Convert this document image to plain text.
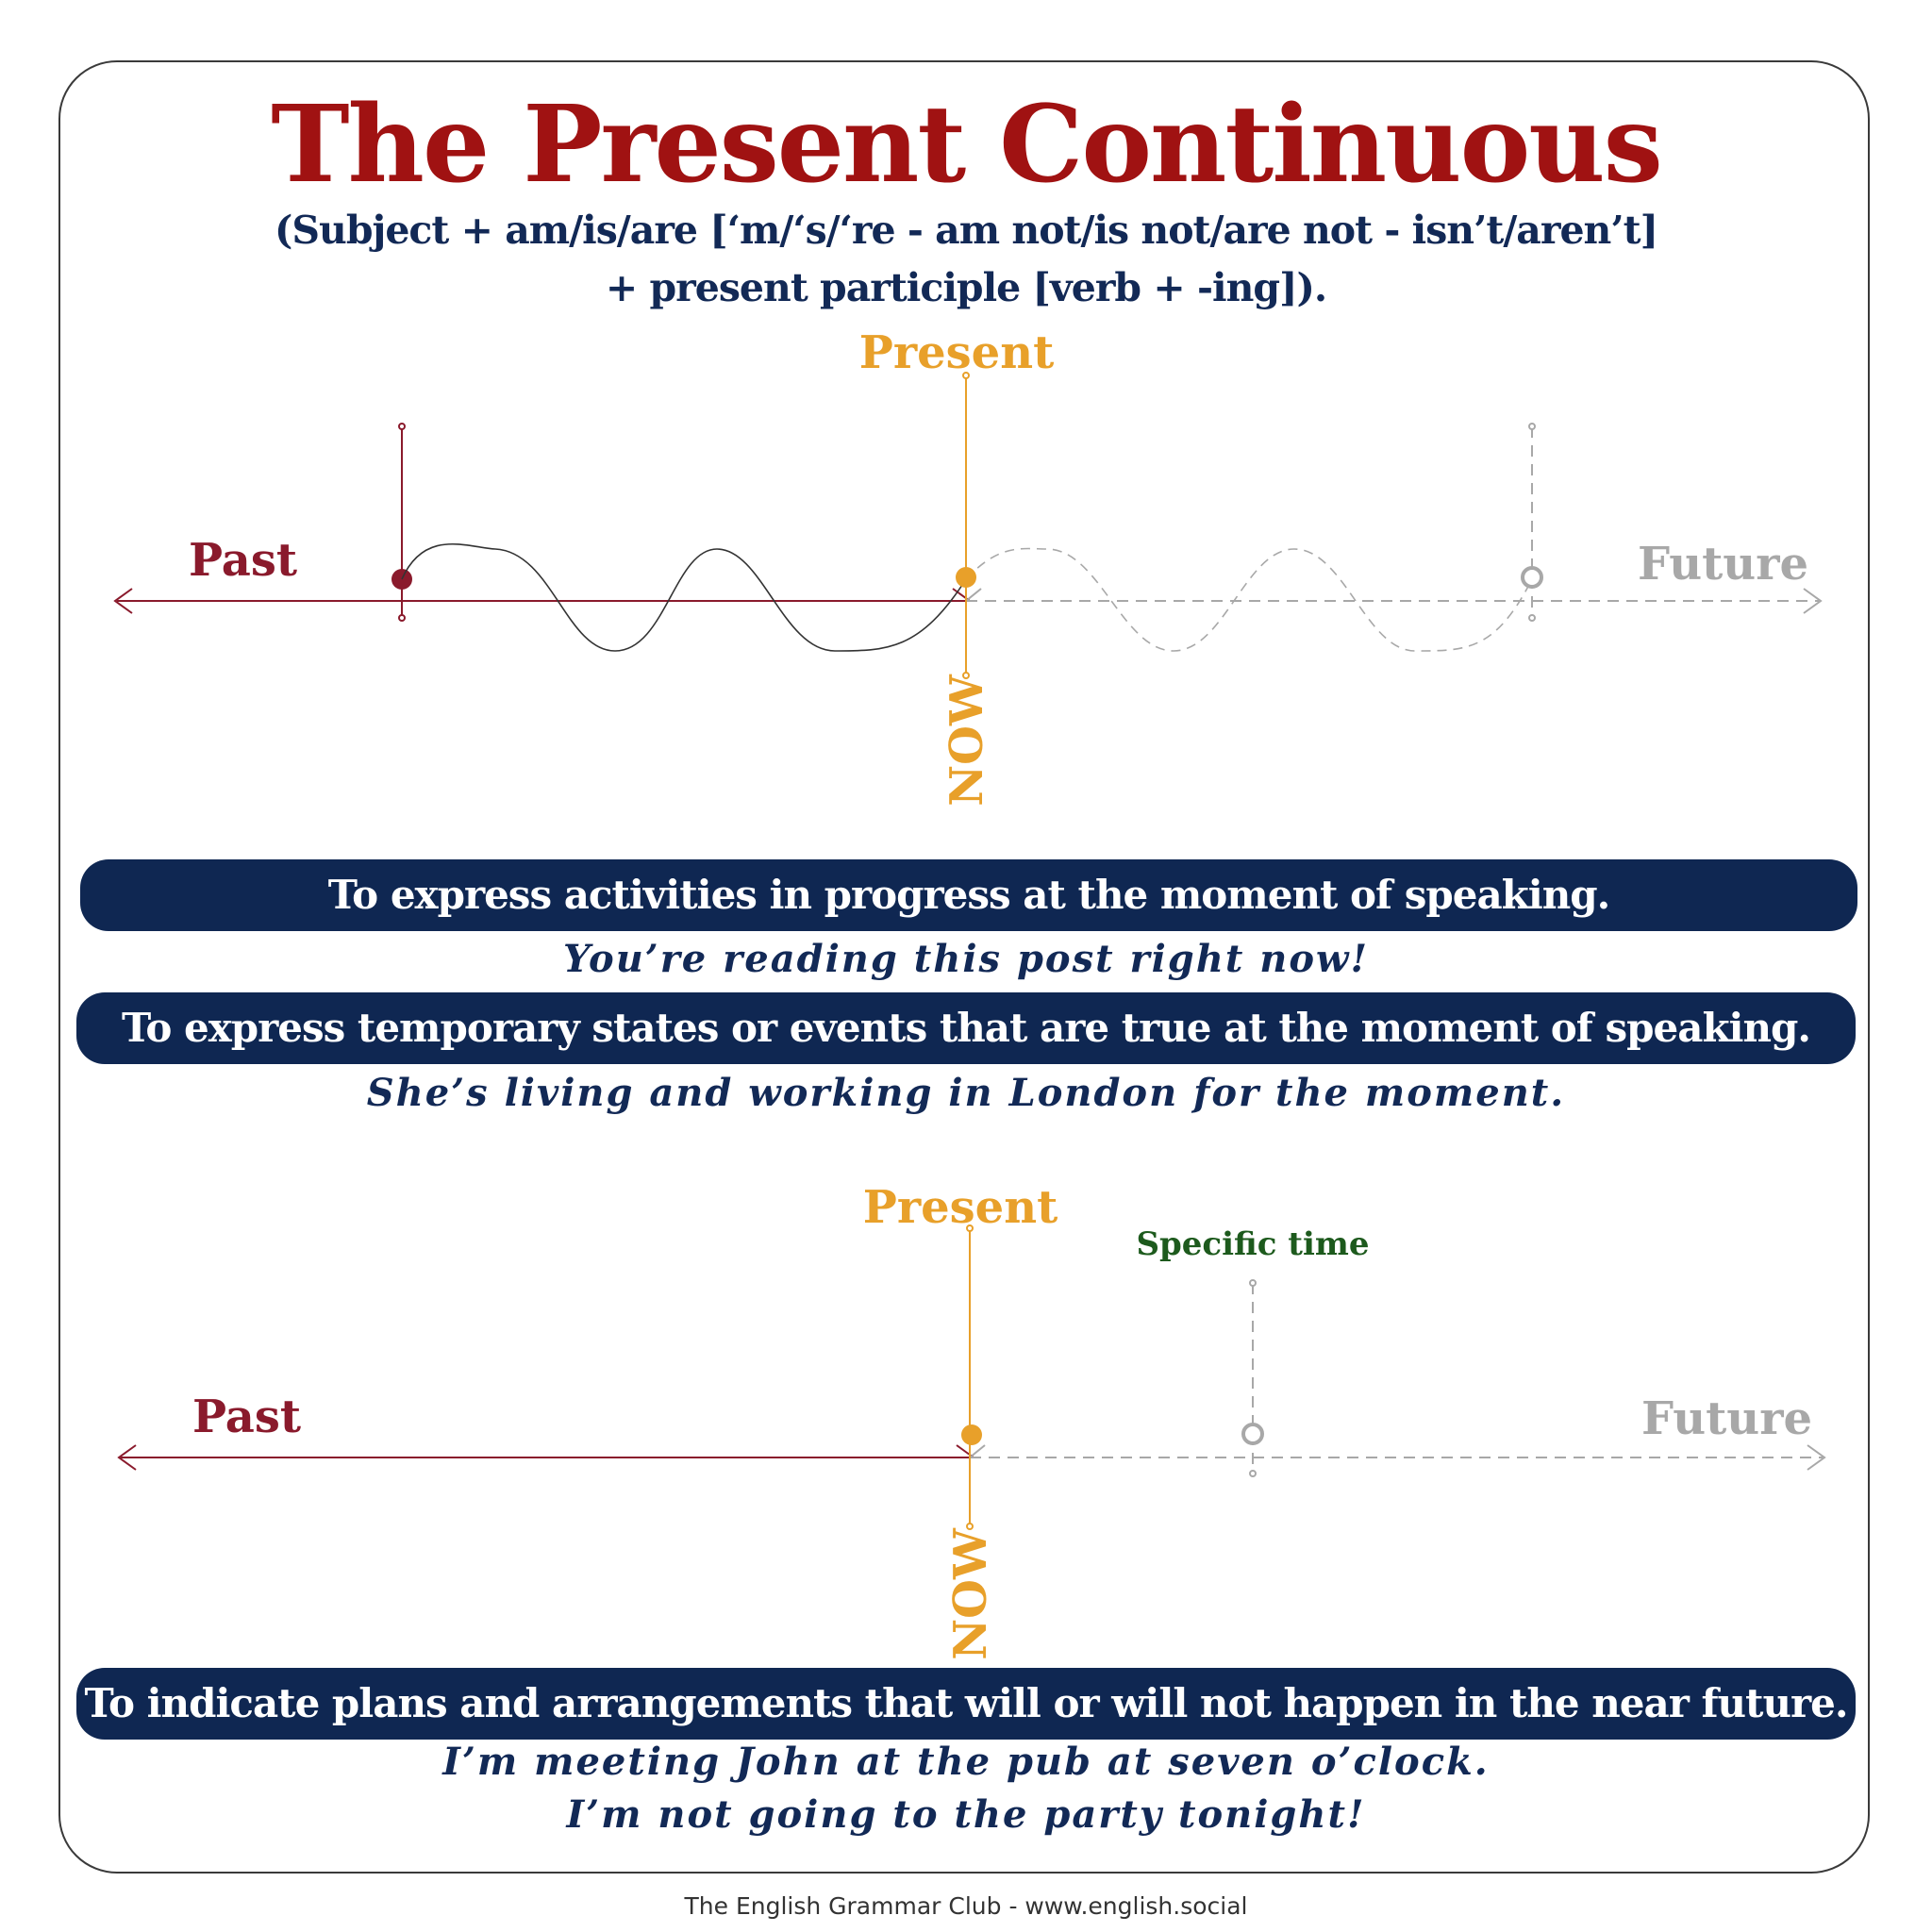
The Present Continuous
(Subject + am/is/are [‘m/‘s/‘re - am not/is not/are not - isn’t/aren’t]
+ present participle [verb + -ing]).
Past
Present
Future
NOW
Past
Present
Specific time
Future
NOW
To express activities in progress at the moment of speaking.
You’re reading this post right now!
To express temporary states or events that are true at the moment of speaking.
She’s living and working in London for the moment.
To indicate plans and arrangements that will or will not happen in the near future.
I’m meeting John at the pub at seven o’clock.
I’m not going to the party tonight!
The English Grammar Club - www.english.social
